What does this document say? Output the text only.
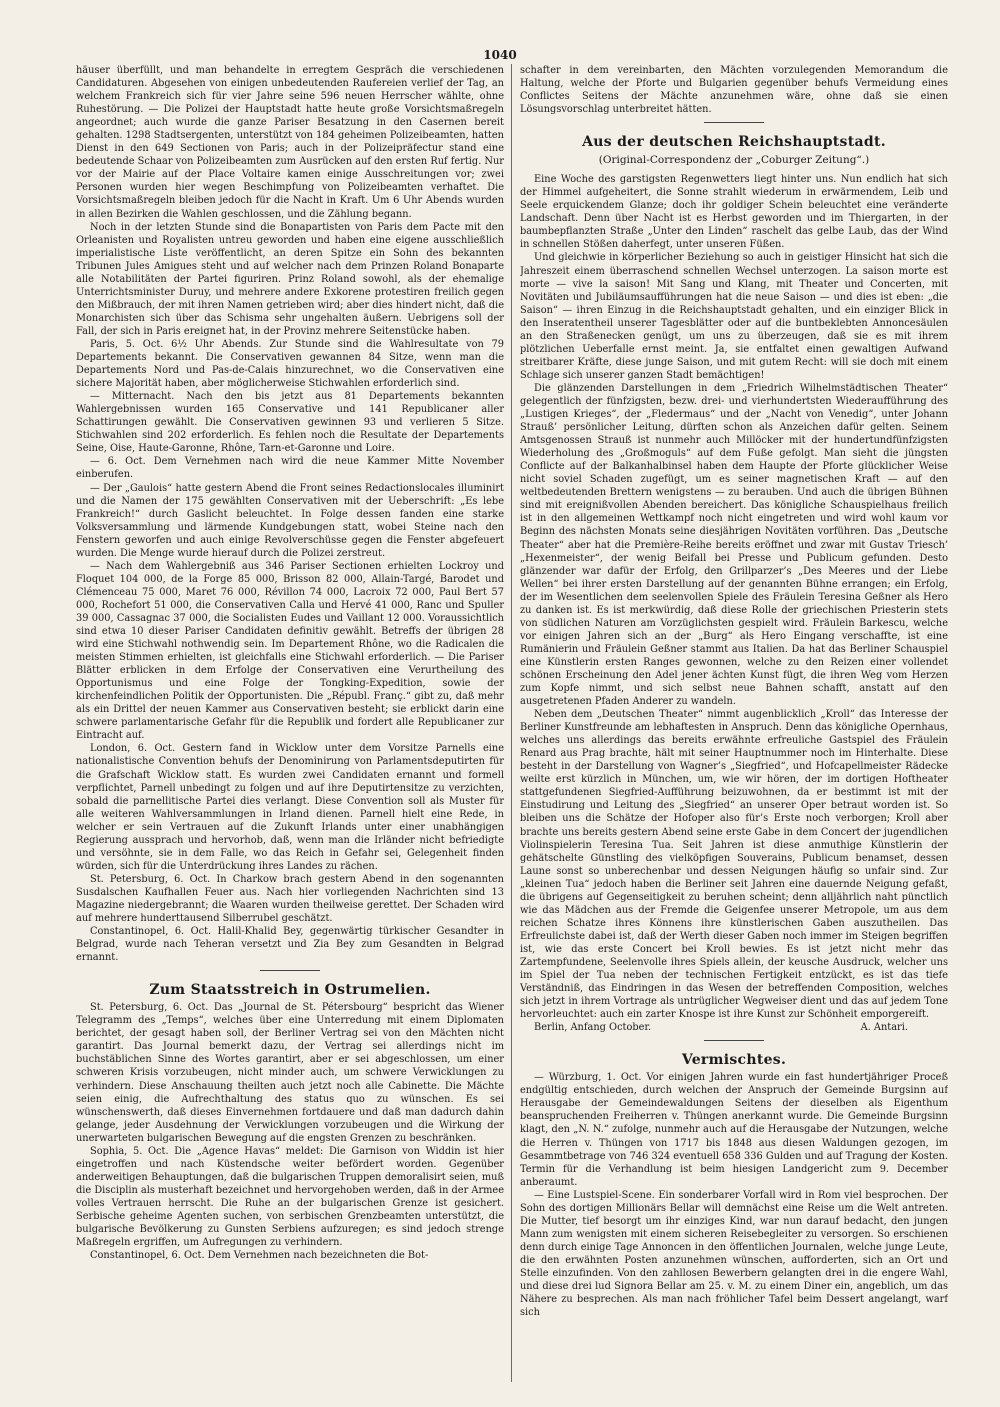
1040

häuser überfüllt, und man behandelte in erregtem Gespräch die verschiedenen Candidaturen. Abgesehen von einigen unbedeutenden Raufereien verlief der Tag, an welchem Frankreich sich für vier Jahre seine 596 neuen Herrscher wählte, ohne Ruhestörung. — Die Polizei der Hauptstadt hatte heute große Vorsichtsmaßregeln angeordnet; auch wurde die ganze Pariser Besatzung in den Casernen bereit gehalten. 1298 Stadtsergenten, unterstützt von 184 geheimen Polizeibeamten, hatten Dienst in den 649 Sectionen von Paris; auch in der Polizeipräfectur stand eine bedeutende Schaar von Polizeibeamten zum Ausrücken auf den ersten Ruf fertig. Nur vor der Mairie auf der Place Voltaire kamen einige Ausschreitungen vor; zwei Personen wurden hier wegen Beschimpfung von Polizeibeamten verhaftet. Die Vorsichtsmaßregeln bleiben jedoch für die Nacht in Kraft. Um 6 Uhr Abends wurden in allen Bezirken die Wahlen geschlossen, und die Zählung begann.

Noch in der letzten Stunde sind die Bonapartisten von Paris dem Pacte mit den Orleanisten und Royalisten untreu geworden und haben eine eigene ausschließlich imperialistische Liste veröffentlicht, an deren Spitze ein Sohn des bekannten Tribunen Jules Amigues steht und auf welcher nach dem Prinzen Roland Bonaparte alle Notabilitäten der Partei figuriren. Prinz Roland sowohl, als der ehemalige Unterrichtsminister Duruy, und mehrere andere Exkorene protestiren freilich gegen den Mißbrauch, der mit ihren Namen getrieben wird; aber dies hindert nicht, daß die Monarchisten sich über das Schisma sehr ungehalten äußern. Uebrigens soll der Fall, der sich in Paris ereignet hat, in der Provinz mehrere Seitenstücke haben.

Paris, 5. Oct. 6½ Uhr Abends. Zur Stunde sind die Wahlresultate von 79 Departements bekannt. Die Conservativen gewannen 84 Sitze, wenn man die Departements Nord und Pas-de-Calais hinzurechnet, wo die Conservativen eine sichere Majorität haben, aber möglicherweise Stichwahlen erforderlich sind.

— Mitternacht. Nach den bis jetzt aus 81 Departements bekannten Wahlergebnissen wurden 165 Conservative und 141 Republicaner aller Schattirungen gewählt. Die Conservativen gewinnen 93 und verlieren 5 Sitze. Stichwahlen sind 202 erforderlich. Es fehlen noch die Resultate der Departements Seine, Oise, Haute-Garonne, Rhône, Tarn-et-Garonne und Loire.

— 6. Oct. Dem Vernehmen nach wird die neue Kammer Mitte November einberufen.

— Der „Gaulois“ hatte gestern Abend die Front seines Redactionslocales illuminirt und die Namen der 175 gewählten Conservativen mit der Ueberschrift: „Es lebe Frankreich!“ durch Gaslicht beleuchtet. In Folge dessen fanden eine starke Volksversammlung und lärmende Kundgebungen statt, wobei Steine nach den Fenstern geworfen und auch einige Revolverschüsse gegen die Fenster abgefeuert wurden. Die Menge wurde hierauf durch die Polizei zerstreut.

— Nach dem Wahlergebniß aus 346 Pariser Sectionen erhielten Lockroy und Floquet 104 000, de la Forge 85 000, Brisson 82 000, Allain-Targé, Barodet und Clémenceau 75 000, Maret 76 000, Révillon 74 000, Lacroix 72 000, Paul Bert 57 000, Rochefort 51 000, die Conservativen Calla und Hervé 41 000, Ranc und Spuller 39 000, Cassagnac 37 000, die Socialisten Eudes und Vaillant 12 000. Voraussichtlich sind etwa 10 dieser Pariser Candidaten definitiv gewählt. Betreffs der übrigen 28 wird eine Stichwahl nothwendig sein. Im Departement Rhône, wo die Radicalen die meisten Stimmen erhielten, ist gleichfalls eine Stichwahl erforderlich. — Die Pariser Blätter erblicken in dem Erfolge der Conservativen eine Verurtheilung des Opportunismus und eine Folge der Tongking-Expedition, sowie der kirchenfeindlichen Politik der Opportunisten. Die „Républ. Franç.“ gibt zu, daß mehr als ein Drittel der neuen Kammer aus Conservativen besteht; sie erblickt darin eine schwere parlamentarische Gefahr für die Republik und fordert alle Republicaner zur Eintracht auf.

London, 6. Oct. Gestern fand in Wicklow unter dem Vorsitze Parnells eine nationalistische Convention behufs der Denominirung von Parlamentsdeputirten für die Grafschaft Wicklow statt. Es wurden zwei Candidaten ernannt und formell verpflichtet, Parnell unbedingt zu folgen und auf ihre Deputirtensitze zu verzichten, sobald die parnellitische Partei dies verlangt. Diese Convention soll als Muster für alle weiteren Wahlversammlungen in Irland dienen. Parnell hielt eine Rede, in welcher er sein Vertrauen auf die Zukunft Irlands unter einer unabhängigen Regierung aussprach und hervorhob, daß, wenn man die Irländer nicht befriedigte und versöhnte, sie in dem Falle, wo das Reich in Gefahr sei, Gelegenheit finden würden, sich für die Unterdrückung ihres Landes zu rächen.

St. Petersburg, 6. Oct. In Charkow brach gestern Abend in den sogenannten Susdalschen Kaufhallen Feuer aus. Nach hier vorliegenden Nachrichten sind 13 Magazine niedergebrannt; die Waaren wurden theilweise gerettet. Der Schaden wird auf mehrere hunderttausend Silberrubel geschätzt.

Constantinopel, 6. Oct. Halil-Khalid Bey, gegenwärtig türkischer Gesandter in Belgrad, wurde nach Teheran versetzt und Zia Bey zum Gesandten in Belgrad ernannt.

Zum Staatsstreich in Ostrumelien.

St. Petersburg, 6. Oct. Das „Journal de St. Pétersbourg“ bespricht das Wiener Telegramm des „Temps“, welches über eine Unterredung mit einem Diplomaten berichtet, der gesagt haben soll, der Berliner Vertrag sei von den Mächten nicht garantirt. Das Journal bemerkt dazu, der Vertrag sei allerdings nicht im buchstäblichen Sinne des Wortes garantirt, aber er sei abgeschlossen, um einer schweren Krisis vorzubeugen, nicht minder auch, um schwere Verwicklungen zu verhindern. Diese Anschauung theilten auch jetzt noch alle Cabinette. Die Mächte seien einig, die Aufrechthaltung des status quo zu wünschen. Es sei wünschenswerth, daß dieses Einvernehmen fortdauere und daß man dadurch dahin gelange, jeder Ausdehnung der Verwicklungen vorzubeugen und die Wirkung der unerwarteten bulgarischen Bewegung auf die engsten Grenzen zu beschränken.

Sophia, 5. Oct. Die „Agence Havas“ meldet: Die Garnison von Widdin ist hier eingetroffen und nach Küstendsche weiter befördert worden. Gegenüber anderweitigen Behauptungen, daß die bulgarischen Truppen demoralisirt seien, muß die Disciplin als musterhaft bezeichnet und hervorgehoben werden, daß in der Armee volles Vertrauen herrscht. Die Ruhe an der bulgarischen Grenze ist gesichert. Serbische geheime Agenten suchen, von serbischen Grenzbeamten unterstützt, die bulgarische Bevölkerung zu Gunsten Serbiens aufzuregen; es sind jedoch strenge Maßregeln ergriffen, um Aufregungen zu verhindern.

Constantinopel, 6. Oct. Dem Vernehmen nach bezeichneten die Bot-

schafter in dem vereinbarten, den Mächten vorzulegenden Memorandum die Haltung, welche der Pforte und Bulgarien gegenüber behufs Vermeidung eines Conflictes Seitens der Mächte anzunehmen wäre, ohne daß sie einen Lösungsvorschlag unterbreitet hätten.

Aus der deutschen Reichshauptstadt.
(Original-Correspondenz der „Coburger Zeitung“.)

Eine Woche des garstigsten Regenwetters liegt hinter uns. Nun endlich hat sich der Himmel aufgeheitert, die Sonne strahlt wiederum in erwärmendem, Leib und Seele erquickendem Glanze; doch ihr goldiger Schein beleuchtet eine veränderte Landschaft. Denn über Nacht ist es Herbst geworden und im Thiergarten, in der baumbepflanzten Straße „Unter den Linden“ raschelt das gelbe Laub, das der Wind in schnellen Stößen daherfegt, unter unseren Füßen.

Und gleichwie in körperlicher Beziehung so auch in geistiger Hinsicht hat sich die Jahreszeit einem überraschend schnellen Wechsel unterzogen. La saison morte est morte — vive la saison! Mit Sang und Klang, mit Theater und Concerten, mit Novitäten und Jubiläumsaufführungen hat die neue Saison — und dies ist eben: „die Saison“ — ihren Einzug in die Reichshauptstadt gehalten, und ein einziger Blick in den Inseratentheil unserer Tagesblätter oder auf die buntbeklebten Annoncesäulen an den Straßenecken genügt, um uns zu überzeugen, daß sie es mit ihrem plötzlichen Ueberfalle ernst meint. Ja, sie entfaltet einen gewaltigen Aufwand streitbarer Kräfte, diese junge Saison, und mit gutem Recht: will sie doch mit einem Schlage sich unserer ganzen Stadt bemächtigen!

Die glänzenden Darstellungen in dem „Friedrich Wilhelmstädtischen Theater“ gelegentlich der fünfzigsten, bezw. drei- und vierhundertsten Wiederaufführung des „Lustigen Krieges“, der „Fledermaus“ und der „Nacht von Venedig“, unter Johann Strauß’ persönlicher Leitung, dürften schon als Anzeichen dafür gelten. Seinem Amtsgenossen Strauß ist nunmehr auch Millöcker mit der hundertundfünfzigsten Wiederholung des „Großmoguls“ auf dem Fuße gefolgt. Man sieht die jüngsten Conflicte auf der Balkanhalbinsel haben dem Haupte der Pforte glücklicher Weise nicht soviel Schaden zugefügt, um es seiner magnetischen Kraft — auf den weltbedeutenden Brettern wenigstens — zu berauben. Und auch die übrigen Bühnen sind mit ereignißvollen Abenden bereichert. Das königliche Schauspielhaus freilich ist in den allgemeinen Wettkampf noch nicht eingetreten und wird wohl kaum vor Beginn des nächsten Monats seine diesjährigen Novitäten vorführen. Das „Deutsche Theater“ aber hat die Première-Reihe bereits eröffnet und zwar mit Gustav Triesch’ „Hexenmeister“, der wenig Beifall bei Presse und Publicum gefunden. Desto glänzender war dafür der Erfolg, den Grillparzer’s „Des Meeres und der Liebe Wellen“ bei ihrer ersten Darstellung auf der genannten Bühne errangen; ein Erfolg, der im Wesentlichen dem seelenvollen Spiele des Fräulein Teresina Geßner als Hero zu danken ist. Es ist merkwürdig, daß diese Rolle der griechischen Priesterin stets von südlichen Naturen am Vorzüglichsten gespielt wird. Fräulein Barkescu, welche vor einigen Jahren sich an der „Burg“ als Hero Eingang verschaffte, ist eine Rumänierin und Fräulein Geßner stammt aus Italien. Da hat das Berliner Schauspiel eine Künstlerin ersten Ranges gewonnen, welche zu den Reizen einer vollendet schönen Erscheinung den Adel jener ächten Kunst fügt, die ihren Weg vom Herzen zum Kopfe nimmt, und sich selbst neue Bahnen schafft, anstatt auf den ausgetretenen Pfaden Anderer zu wandeln.

Neben dem „Deutschen Theater“ nimmt augenblicklich „Kroll“ das Interesse der Berliner Kunstfreunde am lebhaftesten in Anspruch. Denn das königliche Opernhaus, welches uns allerdings das bereits erwähnte erfreuliche Gastspiel des Fräulein Renard aus Prag brachte, hält mit seiner Hauptnummer noch im Hinterhalte. Diese besteht in der Darstellung von Wagner’s „Siegfried“, und Hofcapellmeister Rädecke weilte erst kürzlich in München, um, wie wir hören, der im dortigen Hoftheater stattgefundenen Siegfried-Aufführung beizuwohnen, da er bestimmt ist mit der Einstudirung und Leitung des „Siegfried“ an unserer Oper betraut worden ist. So bleiben uns die Schätze der Hofoper also für’s Erste noch verborgen; Kroll aber brachte uns bereits gestern Abend seine erste Gabe in dem Concert der jugendlichen Violinspielerin Teresina Tua. Seit Jahren ist diese anmuthige Künstlerin der gehätschelte Günstling des vielköpfigen Souverains, Publicum benamset, dessen Laune sonst so unberechenbar und dessen Neigungen häufig so unfair sind. Zur „kleinen Tua“ jedoch haben die Berliner seit Jahren eine dauernde Neigung gefaßt, die übrigens auf Gegenseitigkeit zu beruhen scheint; denn alljährlich naht pünctlich wie das Mädchen aus der Fremde die Geigenfee unserer Metropole, um aus dem reichen Schatze ihres Könnens ihre künstlerischen Gaben auszutheilen. Das Erfreulichste dabei ist, daß der Werth dieser Gaben noch immer im Steigen begriffen ist, wie das erste Concert bei Kroll bewies. Es ist jetzt nicht mehr das Zartempfundene, Seelenvolle ihres Spiels allein, der keusche Ausdruck, welcher uns im Spiel der Tua neben der technischen Fertigkeit entzückt, es ist das tiefe Verständniß, das Eindringen in das Wesen der betreffenden Composition, welches sich jetzt in ihrem Vortrage als untrüglicher Wegweiser dient und das auf jedem Tone hervorleuchtet: auch ein zarter Knospe ist ihre Kunst zur Schönheit emporgereift.

Berlin, Anfang October.	A. Antari.
Vermischtes.

— Würzburg, 1. Oct. Vor einigen Jahren wurde ein fast hundertjähriger Proceß endgültig entschieden, durch welchen der Anspruch der Gemeinde Burgsinn auf Herausgabe der Gemeindewaldungen Seitens der dieselben als Eigenthum beanspruchenden Freiherren v. Thüngen anerkannt wurde. Die Gemeinde Burgsinn klagt, den „N. N.“ zufolge, nunmehr auch auf die Herausgabe der Nutzungen, welche die Herren v. Thüngen von 1717 bis 1848 aus diesen Waldungen gezogen, im Gesammtbetrage von 746 324 eventuell 658 336 Gulden und auf Tragung der Kosten. Termin für die Verhandlung ist beim hiesigen Landgericht zum 9. December anberaumt.

— Eine Lustspiel-Scene. Ein sonderbarer Vorfall wird in Rom viel besprochen. Der Sohn des dortigen Millionärs Bellar will demnächst eine Reise um die Welt antreten. Die Mutter, tief besorgt um ihr einziges Kind, war nun darauf bedacht, den jungen Mann zum wenigsten mit einem sicheren Reisebegleiter zu versorgen. So erschienen denn durch einige Tage Annoncen in den öffentlichen Journalen, welche junge Leute, die den erwähnten Posten anzunehmen wünschen, aufforderten, sich an Ort und Stelle einzufinden. Von den zahllosen Bewerbern gelangten drei in die engere Wahl, und diese drei lud Signora Bellar am 25. v. M. zu einem Diner ein, angeblich, um das Nähere zu besprechen. Als man nach fröhlicher Tafel beim Dessert angelangt, warf sich
